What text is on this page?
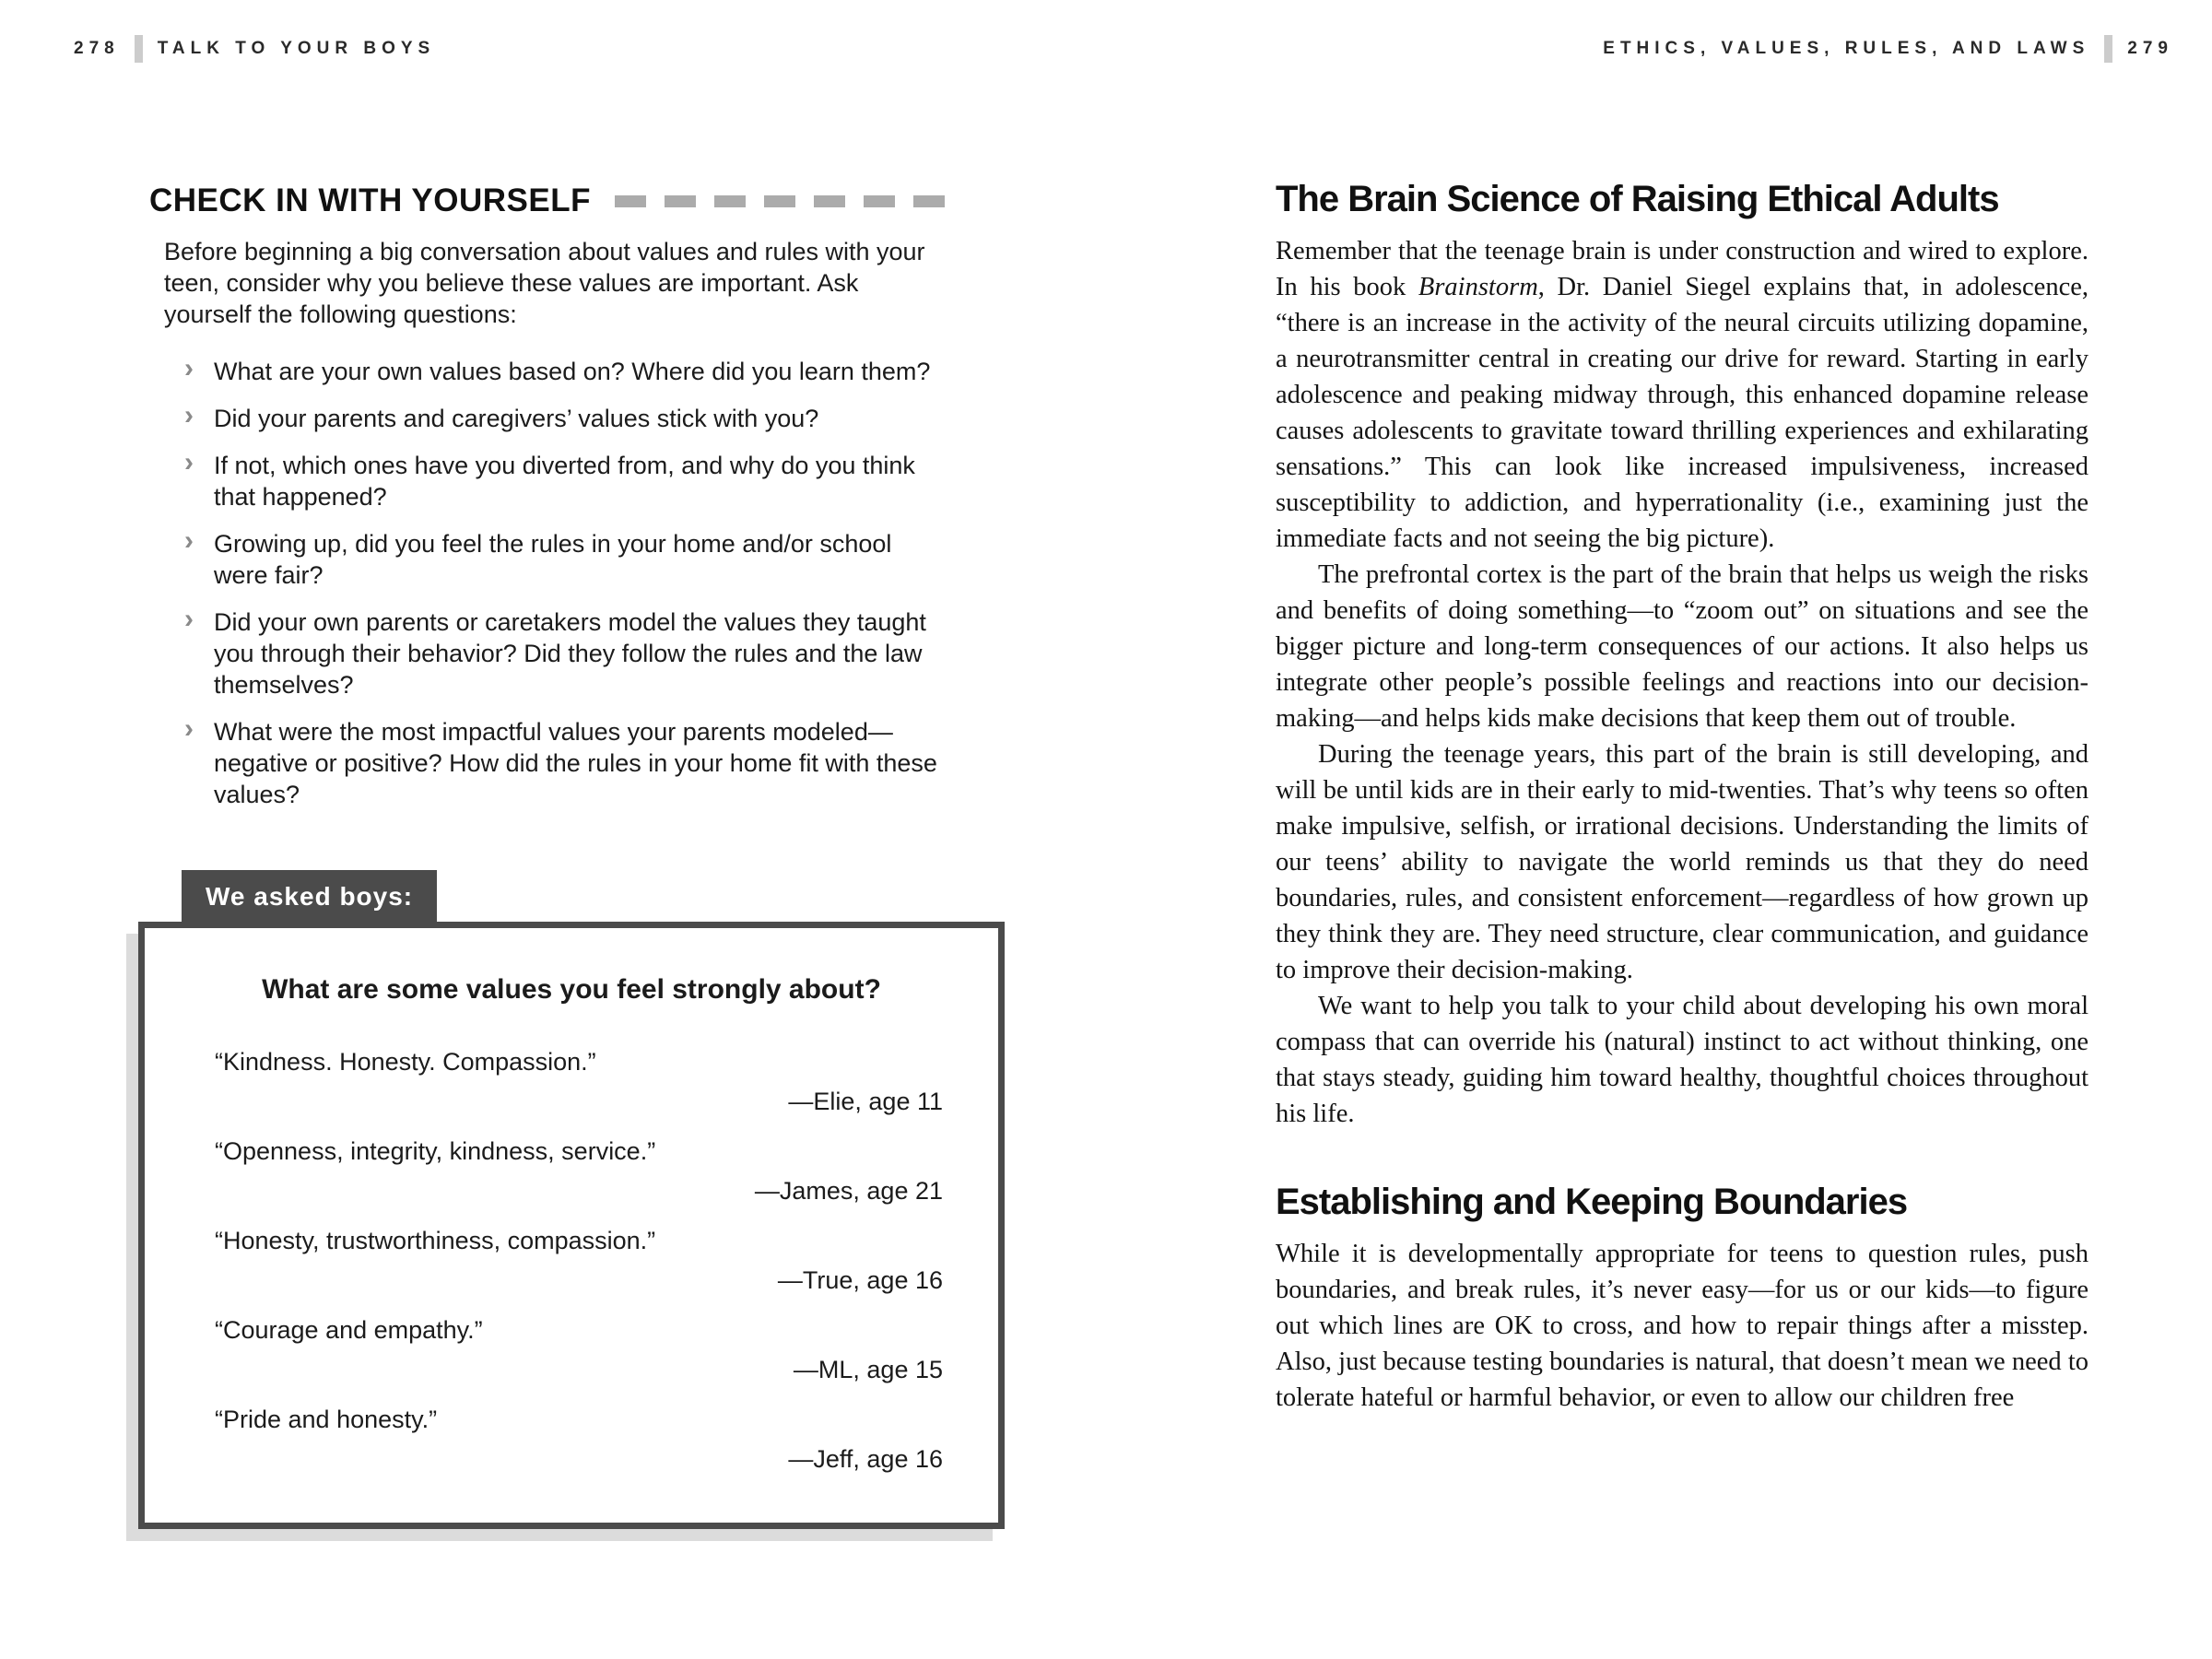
278 TALK TO YOUR BOYS	ETHICS, VALUES, RULES, AND LAWS 279
CHECK IN WITH YOURSELF

Before beginning a big conversation about values and rules with your teen, consider why you believe these values are important. Ask yourself the following questions:

› What are your own values based on? Where did you learn them?
› Did your parents and caregivers’ values stick with you?
› If not, which ones have you diverted from, and why do you think that happened?
› Growing up, did you feel the rules in your home and/or school were fair?
› Did your own parents or caretakers model the values they taught you through their behavior? Did they follow the rules and the law themselves?
› What were the most impactful values your parents modeled—negative or positive? How did the rules in your home fit with these values?
We asked boys:
What are some values you feel strongly about?

“Kindness. Honesty. Compassion.”

—Elie, age 11

“Openness, integrity, kindness, service.”

—James, age 21

“Honesty, trustworthiness, compassion.”

—True, age 16

“Courage and empathy.”

—ML, age 15

“Pride and honesty.”

—Jeff, age 16
The Brain Science of Raising Ethical Adults

Remember that the teenage brain is under construction and wired to explore. In his book Brainstorm, Dr. Daniel Siegel explains that, in adolescence, “there is an increase in the activity of the neural circuits utilizing dopamine, a neurotransmitter central in creating our drive for reward. Starting in early adolescence and peaking midway through, this enhanced dopamine release causes adolescents to gravitate toward thrilling experiences and exhilarating sensations.” This can look like increased impulsiveness, increased susceptibility to addiction, and hyperrationality (i.e., examining just the immediate facts and not seeing the big picture).

The prefrontal cortex is the part of the brain that helps us weigh the risks and benefits of doing something—to “zoom out” on situations and see the bigger picture and long-term consequences of our actions. It also helps us integrate other people’s possible feelings and reactions into our decision-making—and helps kids make decisions that keep them out of trouble.

During the teenage years, this part of the brain is still developing, and will be until kids are in their early to mid-twenties. That’s why teens so often make impulsive, selfish, or irrational decisions. Understanding the limits of our teens’ ability to navigate the world reminds us that they do need boundaries, rules, and consistent enforcement—regardless of how grown up they think they are. They need structure, clear communication, and guidance to improve their decision-making.

We want to help you talk to your child about developing his own moral compass that can override his (natural) instinct to act without thinking, one that stays steady, guiding him toward healthy, thoughtful choices throughout his life.

Establishing and Keeping Boundaries

While it is developmentally appropriate for teens to question rules, push boundaries, and break rules, it’s never easy—for us or our kids—to figure out which lines are OK to cross, and how to repair things after a misstep. Also, just because testing boundaries is natural, that doesn’t mean we need to tolerate hateful or harmful behavior, or even to allow our children free
